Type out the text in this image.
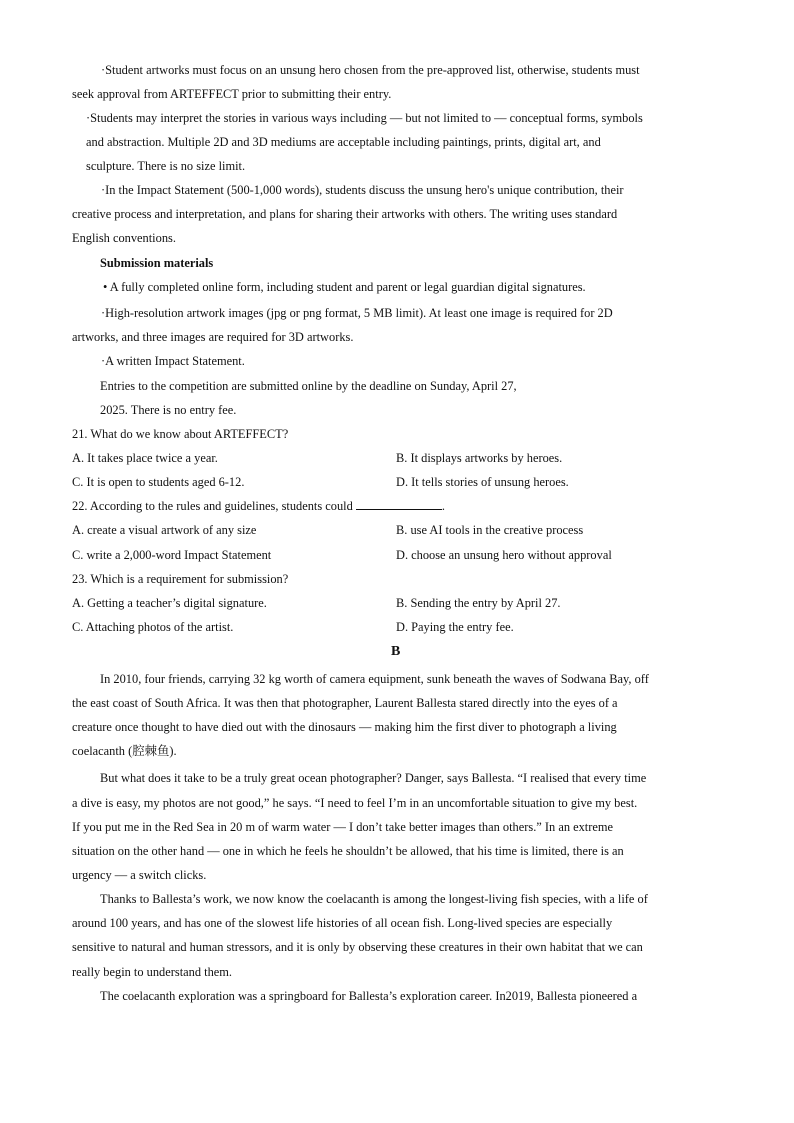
·Student artworks must focus on an unsung hero chosen from the pre-approved list, otherwise, students must
seek approval from ARTEFFECT prior to submitting their entry.
·Students may interpret the stories in various ways including — but not limited to — conceptual forms, symbols
and abstraction. Multiple 2D and 3D mediums are acceptable including paintings, prints, digital art, and
sculpture. There is no size limit.
·In the Impact Statement (500-1,000 words), students discuss the unsung hero's unique contribution, their
creative process and interpretation, and plans for sharing their artworks with others. The writing uses standard
English conventions.
Submission materials
• A fully completed online form, including student and parent or legal guardian digital signatures.
·High-resolution artwork images (jpg or png format, 5 MB limit). At least one image is required for 2D
artworks, and three images are required for 3D artworks.
·A written Impact Statement.
Entries to the competition are submitted online by the deadline on Sunday, April 27,
2025. There is no entry fee.
21. What do we know about ARTEFFECT?
A. It takes place twice a year.	B. It displays artworks by heroes.
C. It is open to students aged 6-12.	D. It tells stories of unsung heroes.
22. According to the rules and guidelines, students could	.
A. create a visual artwork of any size	B. use AI tools in the creative process
C. write a 2,000-word Impact Statement	D. choose an unsung hero without approval
23. Which is a requirement for submission?
A. Getting a teacher’s digital signature.	B. Sending the entry by April 27.
C. Attaching photos of the artist.	D. Paying the entry fee.
B
In 2010, four friends, carrying 32 kg worth of camera equipment, sunk beneath the waves of Sodwana Bay, off
the east coast of South Africa. It was then that photographer, Laurent Ballesta stared directly into the eyes of a
creature once thought to have died out with the dinosaurs — making him the first diver to photograph a living
coelacanth (腔棘鱼).
But what does it take to be a truly great ocean photographer? Danger, says Ballesta. “I realised that every time
a dive is easy, my photos are not good,” he says. “I need to feel I’m in an uncomfortable situation to give my best.
If you put me in the Red Sea in 20 m of warm water — I don’t take better images than others.” In an extreme
situation on the other hand — one in which he feels he shouldn’t be allowed, that his time is limited, there is an
urgency — a switch clicks.
Thanks to Ballesta’s work, we now know the coelacanth is among the longest-living fish species, with a life of
around 100 years, and has one of the slowest life histories of all ocean fish. Long-lived species are especially
sensitive to natural and human stressors, and it is only by observing these creatures in their own habitat that we can
really begin to understand them.
The coelacanth exploration was a springboard for Ballesta’s exploration career. In2019, Ballesta pioneered a
